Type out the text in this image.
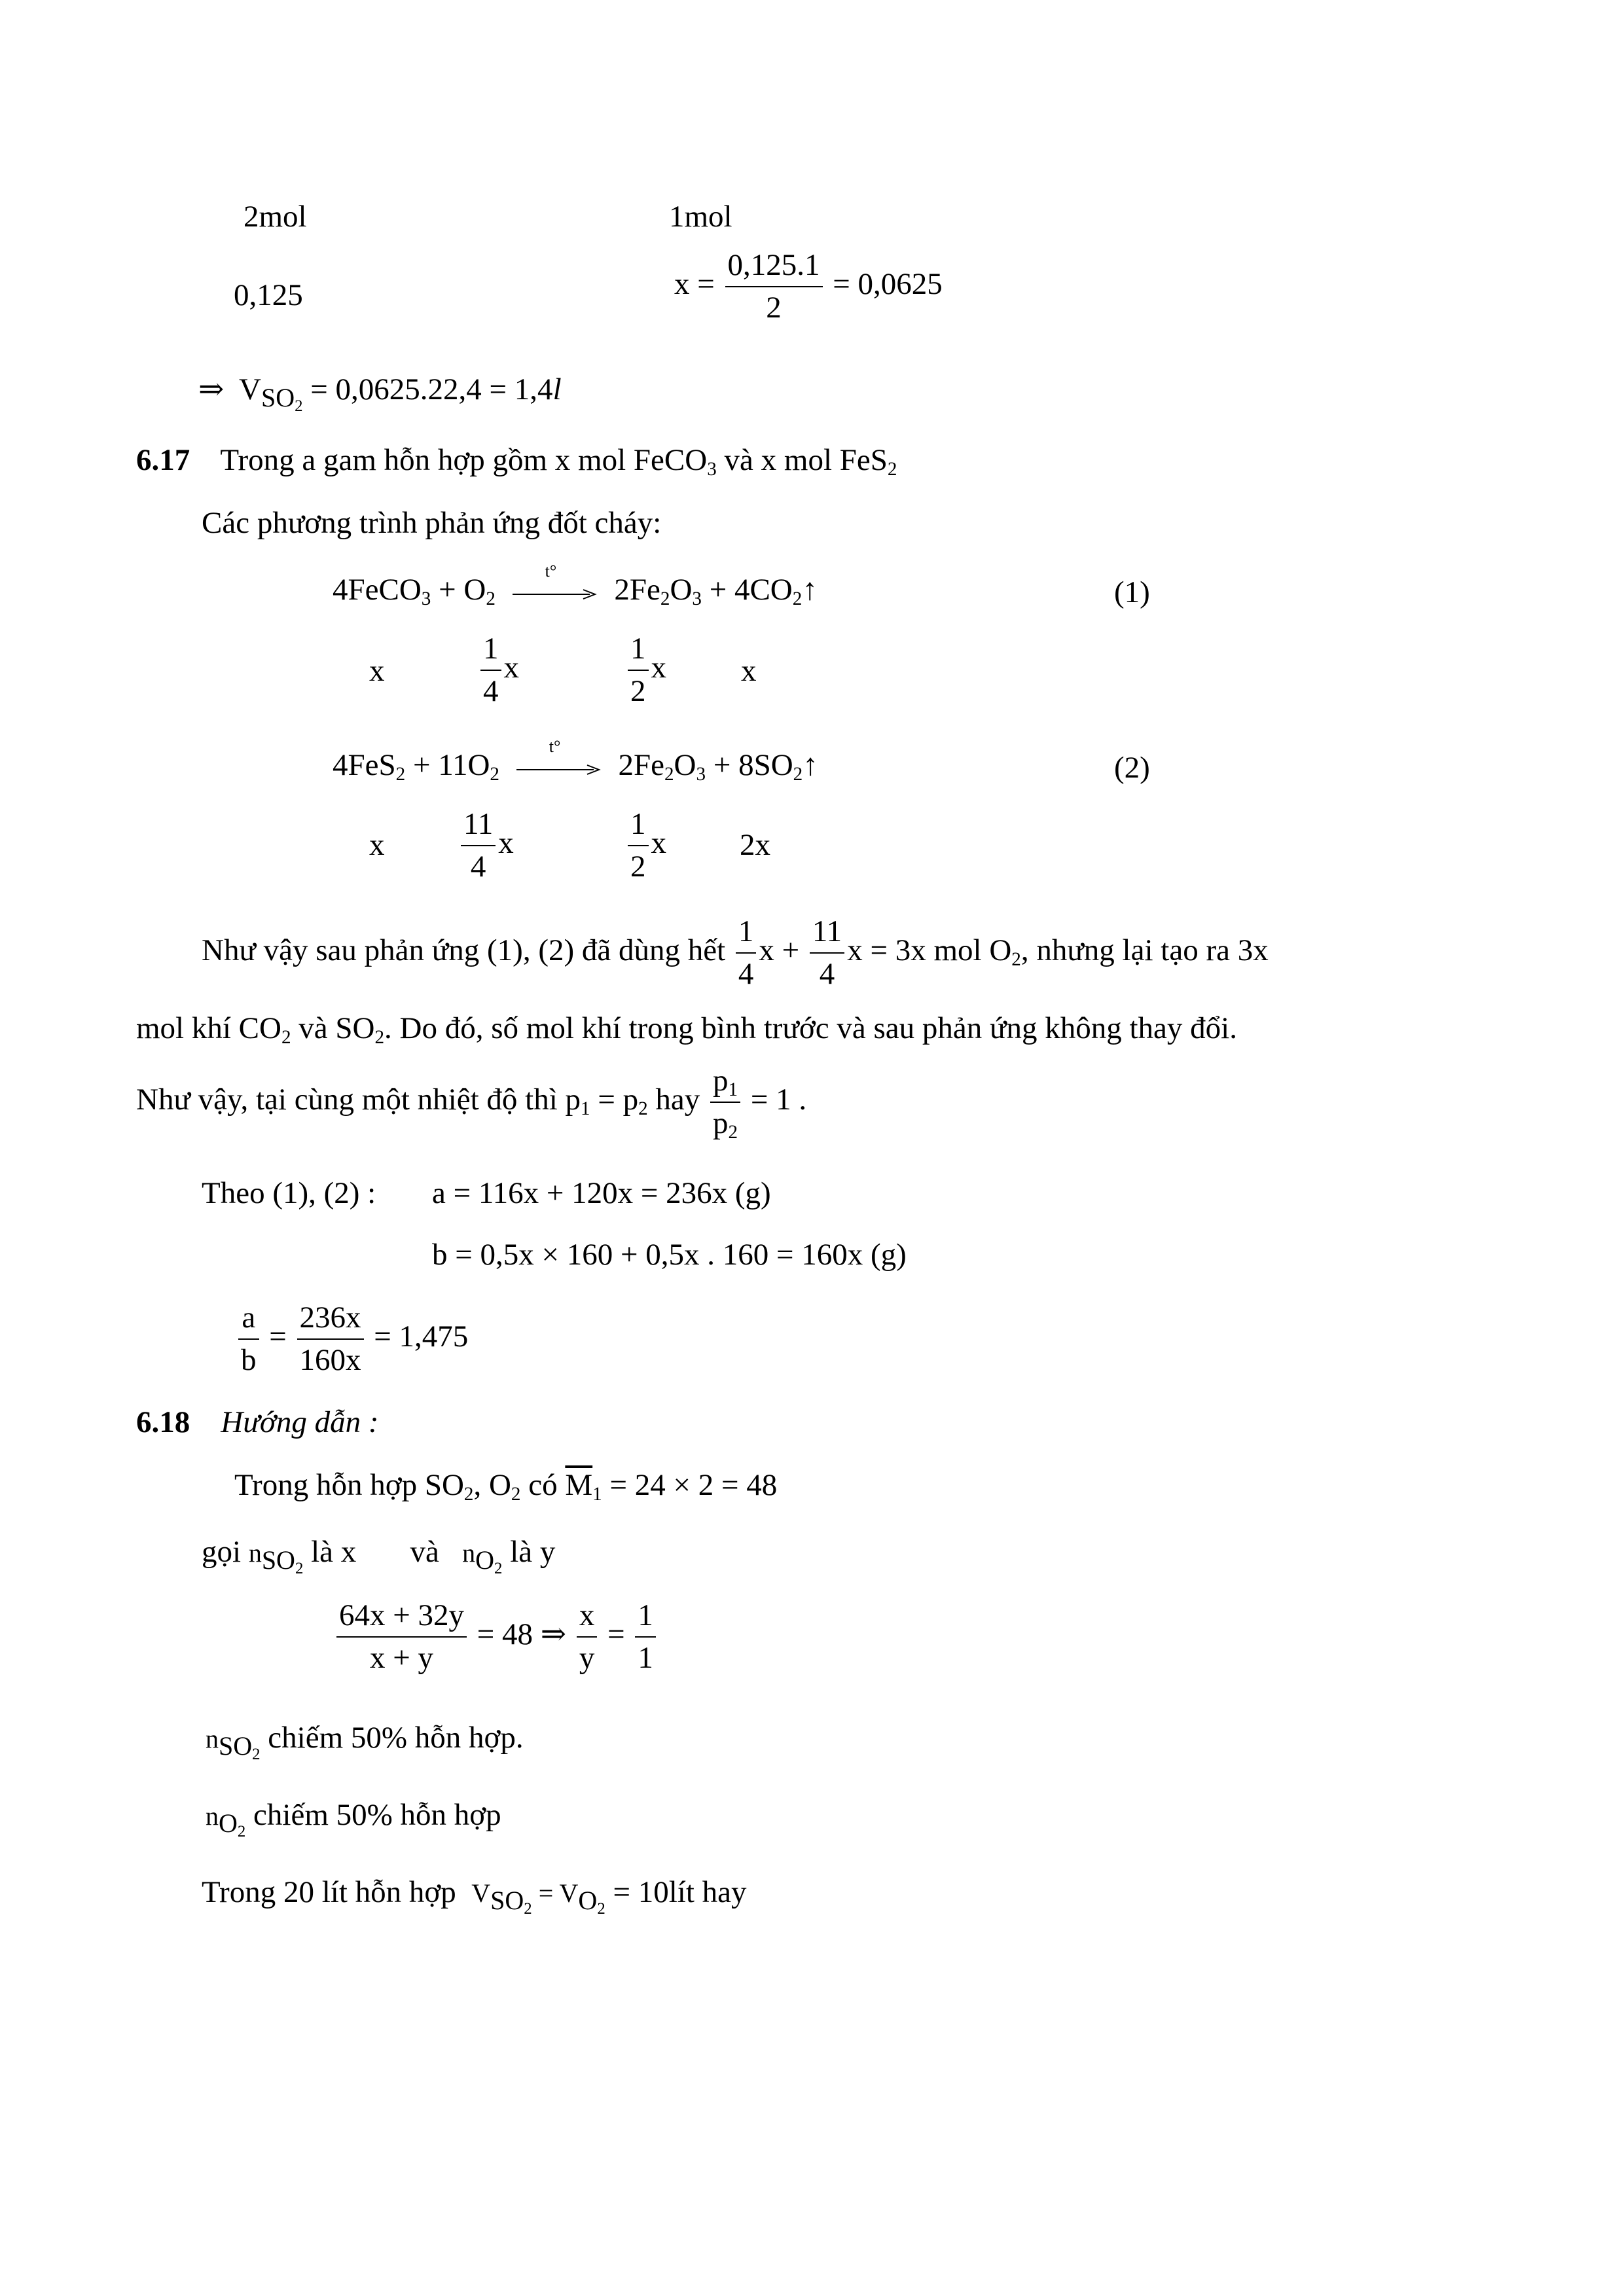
2mol	1mol
0,125	$x = \frac{0,125.1}{2} = 0,0625$
⇒ $V_{SO_2} = 0,0625.22,4 = 1,4l$
6.17 Trong a gam hỗn hợp gồm x mol FeCO$_3$ và x mol FeS$_2$
Các phương trình phản ứng đốt cháy:
4FeCO$_3$ + $O_2$
t°
$2Fe_2O_3$ + $4CO_2↑$	(1)
x	$\frac{1}{4}$ x	$\frac{1}{2}$ x x
$4FeS_2 + 11O_2$
t°
$2Fe_2O_3$ + $8SO_2↑$	(2)
x $\frac{11}{4}$ x	$\frac{1}{2}$ x 2x
Như vậy sau phản ứng (1), (2) đã dùng hết $\frac{1}{4}$ $x + \frac{11}{4}$ x = 3x mol $O_2$, nhưng lại tạo ra 3x
mol khí $CO_2$ và $SO_2$. Do đó, số mol khí trong bình trước và sau phản ứng không thay đổi.
Như vậy, tại cùng một nhiệt độ thì $p_1 = p_2$ hay $\frac{p_1}{p_2} = 1$ .
Theo (1), (2) : a = 116x + 120x = 236x (g)
b = 0,5x × 160 + 0,5x . 160 = 160x (g)
$\frac{a}{b} = \frac{236x}{160x} = 1,475$
6.18 Hướng dẫn :
Trong hỗn hợp $SO_2$, $O_2$ có $\overline{M}_1 = 24 \times 2 = 48$
gọi $n_{SO_2}$ là x và $n_{O_2}$ là y
$\frac{64x + 32y}{x + y} = 48$ ⇒ $\frac{x}{y} = \frac{1}{1}$
$n_{SO_2}$ chiếm 50% hỗn hợp.
$n_{O_2}$ chiếm 50% hỗn hợp
Trong 20 lít hỗn hợp $V_{SO_2} = V_{O_2}$ = 10lít hay
